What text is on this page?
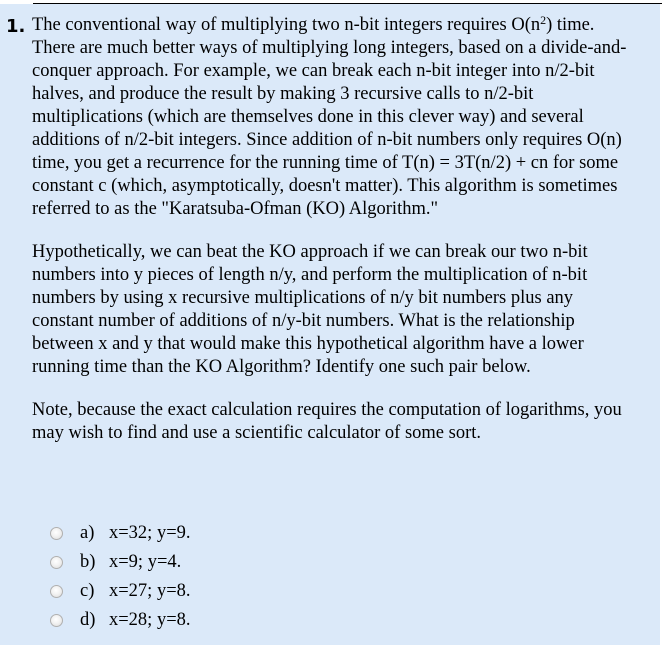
1. The conventional way of multiplying two n-bit integers requires $O(n^2)$ time. There are much better ways of multiplying long integers, based on a divide-and-conquer approach. For example, we can break each n-bit integer into n/2-bit halves, and produce the result by making 3 recursive calls to n/2-bit multiplications (which are themselves done in this clever way) and several additions of n/2-bit integers. Since addition of n-bit numbers only requires O(n) time, you get a recurrence for the running time of T(n) = 3T(n/2) + cn for some constant c (which, asymptotically, doesn't matter). This algorithm is sometimes referred to as the "Karatsuba-Ofman (KO) Algorithm."

Hypothetically, we can beat the KO approach if we can break our two n-bit numbers into y pieces of length n/y, and perform the multiplication of n-bit numbers by using x recursive multiplications of n/y bit numbers plus any constant number of additions of n/y-bit numbers. What is the relationship between x and y that would make this hypothetical algorithm have a lower running time than the KO Algorithm? Identify one such pair below.

Note, because the exact calculation requires the computation of logarithms, you may wish to find and use a scientific calculator of some sort.

a) x=32; y=9.
b) x=9; y=4.
c) x=27; y=8.
d) x=28; y=8.
